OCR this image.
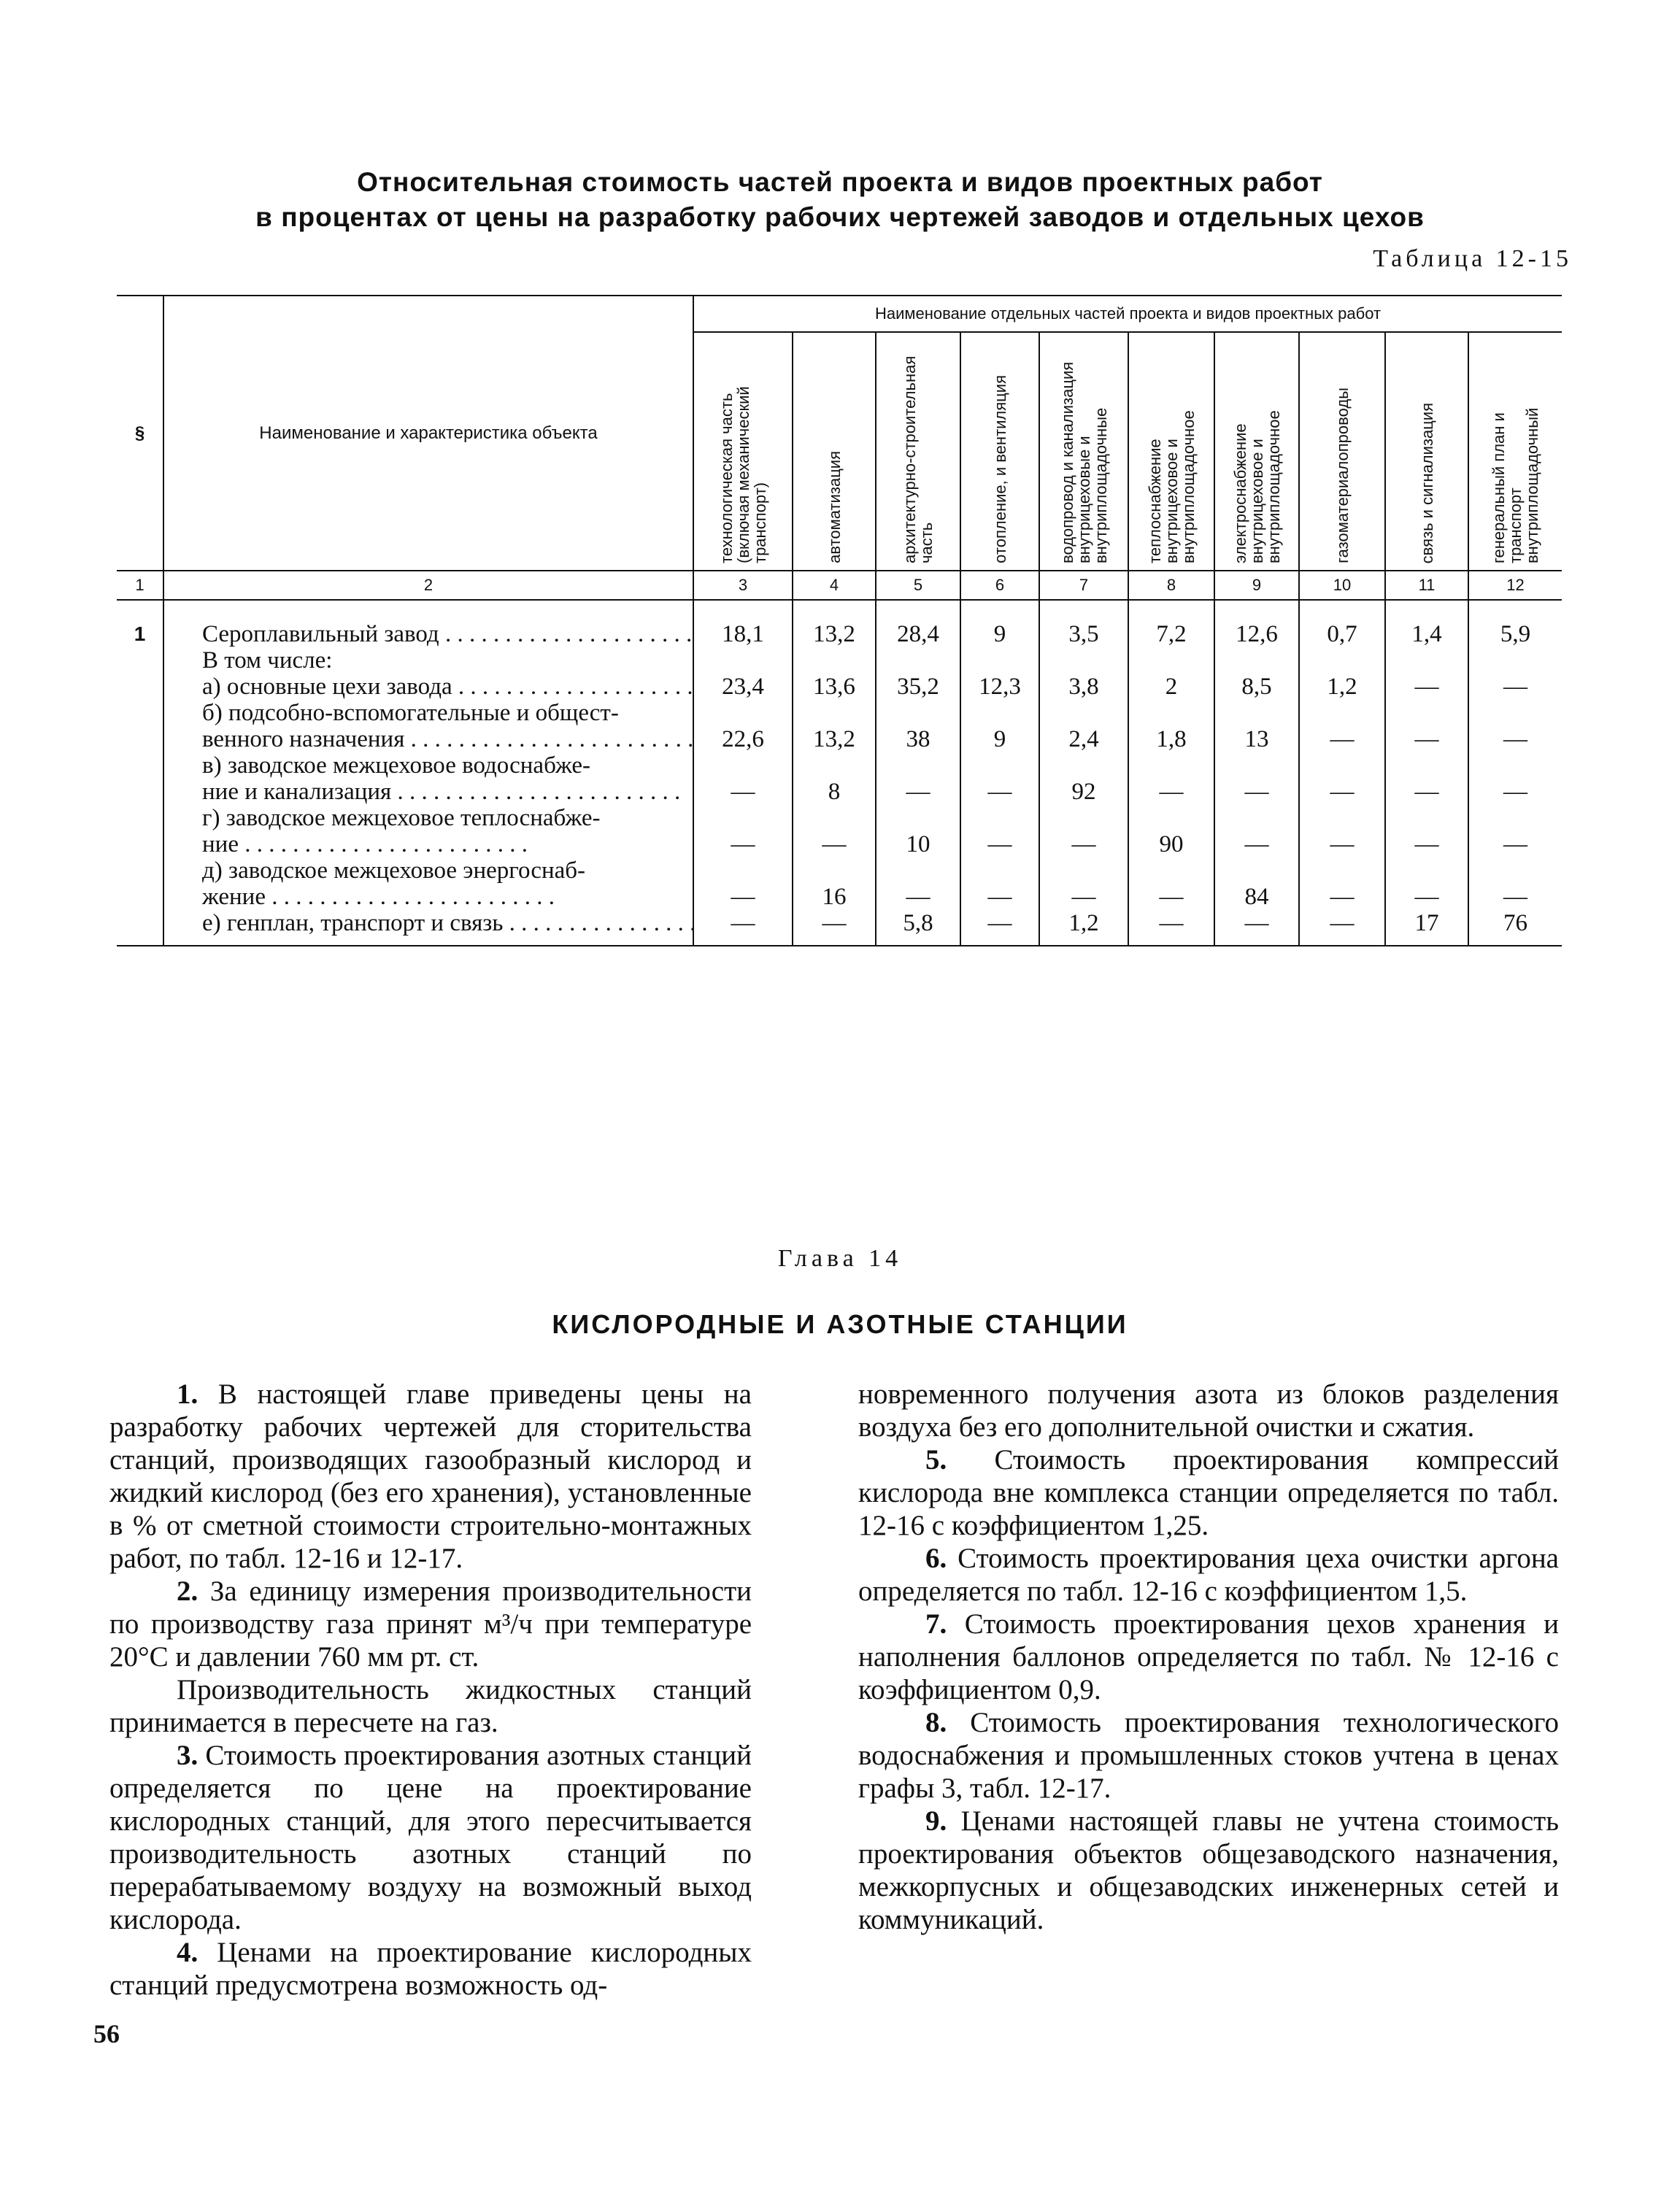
Относительная стоимость частей проекта и видов проектных работ
в процентах от цены на разработку рабочих чертежей заводов и отдельных цехов
Таблица 12-15
§	Наименование и характеристика объекта	Наименование отдельных частей проекта и видов проектных работ									
		технологическая часть (включая механический транспорт)	автоматизация	архитектурно-строительная часть	отопление, и вентиляция	водопровод и канализация внутрицеховые и внутриплощадочные	теплоснабжение внутрицеховое и внутриплощадочное	электроснабжение внутрицеховое и внутриплощадочное	газоматериалопроводы	связь и сигнализация	генеральный план и транспорт внутриплощадочный
1	2	3	4	5	6	7	8	9	10	11	12
1	Сероплавильный завод . . .	18,1	13,2	28,4	9	3,5	7,2	12,6	0,7	1,4	5,9
	В том числе:										
	а) основные цехи завода . . .	23,4	13,6	35,2	12,3	3,8	2	8,5	1,2	—	—
	б) подсобно-вспомогательные и общест-										
	венного назначения . . .	22,6	13,2	38	9	2,4	1,8	13	—	—	—
	в) заводское межцеховое водоснабже-										
	ние и канализация . . .	—	8	—	—	92	—	—	—	—	—
	г) заводское межцеховое теплоснабже-										
	ние . . .	—	—	10	—	—	90	—	—	—	—
	д) заводское межцеховое энергоснаб-										
	жение . . .	—	16	—	—	—	—	84	—	—	—
	е) генплан, транспорт и связь . . .	—	—	5,8	—	1,2	—	—	—	17	76
Глава 14
КИСЛОРОДНЫЕ И АЗОТНЫЕ СТАНЦИИ

1. В настоящей главе приведены цены на разработку рабочих чертежей для сторительства станций, производящих газообразный кислород и жидкий кислород (без его хранения), установленные в % от сметной стоимости строительно-монтажных работ, по табл. 12-16 и 12-17.

2. За единицу измерения производительности по производству газа принят м³/ч при температуре 20°С и давлении 760 мм рт. ст.

Производительность жидкостных станций принимается в пересчете на газ.

3. Стоимость проектирования азотных станций определяется по цене на проектирование кислородных станций, для этого пересчитывается производительность азотных станций по перерабатываемому воздуху на возможный выход кислорода.

4. Ценами на проектирование кислородных станций предусмотрена возможность од-

новременного получения азота из блоков разделения воздуха без его дополнительной очистки и сжатия.

5. Стоимость проектирования компрессий кислорода вне комплекса станции определяется по табл. 12-16 с коэффициентом 1,25.

6. Стоимость проектирования цеха очистки аргона определяется по табл. 12-16 с коэффициентом 1,5.

7. Стоимость проектирования цехов хранения и наполнения баллонов определяется по табл. № 12-16 с коэффициентом 0,9.

8. Стоимость проектирования технологического водоснабжения и промышленных стоков учтена в ценах графы 3, табл. 12-17.

9. Ценами настоящей главы не учтена стоимость проектирования объектов общезаводского назначения, межкорпусных и общезаводских инженерных сетей и коммуникаций.

56
